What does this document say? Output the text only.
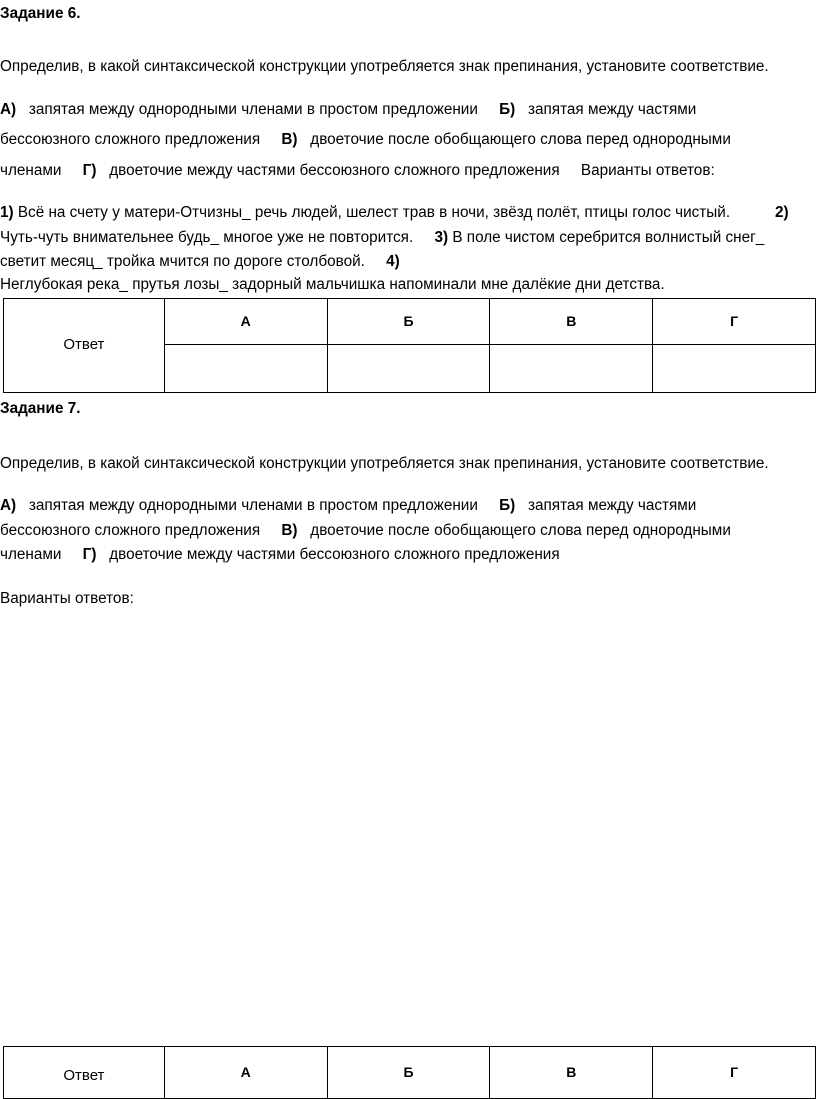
Задание 6.
Определив, в какой синтаксической конструкции употребляется знак препинания, установите соответствие.
А) запятая между однородными членами в простом предложении Б) запятая между частями
бессоюзного сложного предложения В) двоеточие после обобщающего слова перед однородными
членами Г) двоеточие между частями бессоюзного сложного предложения Варианты ответов:
1) Всё на счету у матери-Отчизны_ речь людей, шелест трав в ночи, звёзд полёт, птицы голос чистый.	2)
Чуть-чуть внимательнее будь_ многое уже не повторится. 3) В поле чистом серебрится волнистый снег_
светит месяц_ тройка мчится по дороге столбовой. 4)
Неглубокая река_ прутья лозы_ задорный мальчишка напоминали мне далёкие дни детства.
Ответ	А	Б	В	Г

Задание 7.
Определив, в какой синтаксической конструкции употребляется знак препинания, установите соответствие.
А) запятая между однородными членами в простом предложении Б) запятая между частями
бессоюзного сложного предложения В) двоеточие после обобщающего слова перед однородными
членами Г) двоеточие между частями бессоюзного сложного предложения
Варианты ответов:
Ответ	А	Б	В	Г
